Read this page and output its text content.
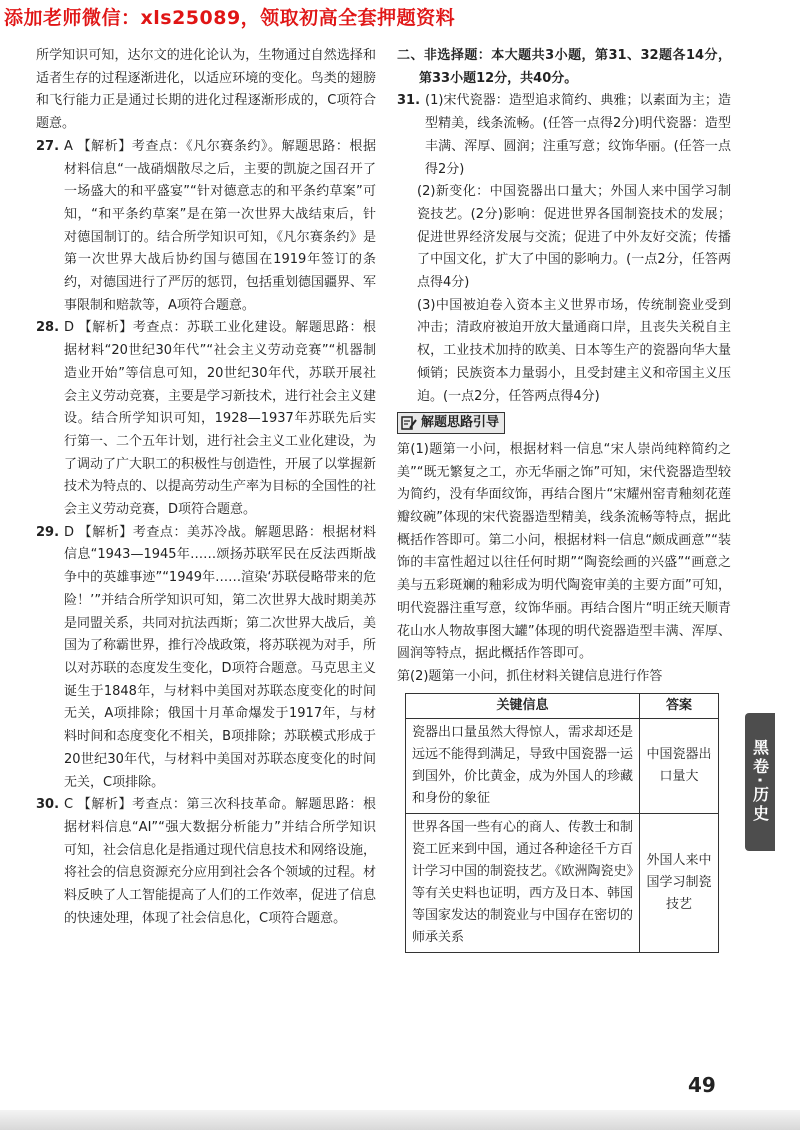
添加老师微信：xls25089，领取初高全套押题资料

所学知识可知，达尔文的进化论认为，生物通过自然选择和适者生存的过程逐渐进化，以适应环境的变化。鸟类的翅膀和飞行能力正是通过长期的进化过程逐渐形成的，C项符合题意。

27. A 【解析】考查点：《凡尔赛条约》。解题思路：根据材料信息“一战硝烟散尽之后，主要的凯旋之国召开了一场盛大的和平盛宴”“针对德意志的和平条约草案”可知，“和平条约草案”是在第一次世界大战结束后，针对德国制订的。结合所学知识可知，《凡尔赛条约》是第一次世界大战后协约国与德国在1919年签订的条约，对德国进行了严厉的惩罚，包括重划德国疆界、军事限制和赔款等，A项符合题意。

28. D 【解析】考查点：苏联工业化建设。解题思路：根据材料“20世纪30年代”“社会主义劳动竞赛”“机器制造业开始”等信息可知，20世纪30年代，苏联开展社会主义劳动竞赛，主要是学习新技术，进行社会主义建设。结合所学知识可知，1928—1937年苏联先后实行第一、二个五年计划，进行社会主义工业化建设，为了调动了广大职工的积极性与创造性，开展了以掌握新技术为特点的、以提高劳动生产率为目标的全国性的社会主义劳动竞赛，D项符合题意。

29. D 【解析】考查点：美苏冷战。解题思路：根据材料信息“1943—1945年……颂扬苏联军民在反法西斯战争中的英雄事迹”“1949年……渲染‘苏联侵略带来的危险！’”并结合所学知识可知，第二次世界大战时期美苏是同盟关系，共同对抗法西斯；第二次世界大战后，美国为了称霸世界，推行冷战政策，将苏联视为对手，所以对苏联的态度发生变化，D项符合题意。马克思主义诞生于1848年，与材料中美国对苏联态度变化的时间无关，A项排除；俄国十月革命爆发于1917年，与材料时间和态度变化不相关，B项排除；苏联模式形成于20世纪30年代，与材料中美国对苏联态度变化的时间无关，C项排除。

30. C 【解析】考查点：第三次科技革命。解题思路：根据材料信息“AI”“强大数据分析能力”并结合所学知识可知，社会信息化是指通过现代信息技术和网络设施，将社会的信息资源充分应用到社会各个领域的过程。材料反映了人工智能提高了人们的工作效率，促进了信息的快速处理，体现了社会信息化，C项符合题意。

二、非选择题：本大题共3小题，第31、32题各14分，第33小题12分，共40分。

31. (1)宋代瓷器：造型追求简约、典雅；以素面为主；造型精美，线条流畅。(任答一点得2分)明代瓷器：造型丰满、浑厚、圆润；注重写意；纹饰华丽。(任答一点得2分)

(2)新变化：中国瓷器出口量大；外国人来中国学习制瓷技艺。(2分)影响：促进世界各国制瓷技术的发展；促进世界经济发展与交流；促进了中外友好交流；传播了中国文化，扩大了中国的影响力。(一点2分，任答两点得4分)

(3)中国被迫卷入资本主义世界市场，传统制瓷业受到冲击；清政府被迫开放大量通商口岸，且丧失关税自主权，工业技术加持的欧美、日本等生产的瓷器向华大量倾销；民族资本力量弱小，且受封建主义和帝国主义压迫。(一点2分，任答两点得4分)

解题思路引导

第(1)题第一小问，根据材料一信息“宋人崇尚纯粹简约之美”“既无繁复之工，亦无华丽之饰”可知，宋代瓷器造型较为简约，没有华面纹饰，再结合图片“宋耀州窑青釉刻花莲瓣纹碗”体现的宋代瓷器造型精美，线条流畅等特点，据此概括作答即可。第二小问，根据材料一信息“颇成画意”“装饰的丰富性超过以往任何时期”“陶瓷绘画的兴盛”“画意之美与五彩斑斓的釉彩成为明代陶瓷审美的主要方面”可知，明代瓷器注重写意，纹饰华丽。再结合图片“明正统天顺青花山水人物故事图大罐”体现的明代瓷器造型丰满、浑厚、圆润等特点，据此概括作答即可。

第(2)题第一小问，抓住材料关键信息进行作答

关键信息	答案
瓷器出口量虽然大得惊人，需求却还是远远不能得到满足，导致中国瓷器一运到国外，价比黄金，成为外国人的珍藏和身份的象征	中国瓷器出口量大
世界各国一些有心的商人、传教士和制瓷工匠来到中国，通过各种途径千方百计学习中国的制瓷技艺。《欧洲陶瓷史》等有关史料也证明，西方及日本、韩国等国家发达的制瓷业与中国存在密切的师承关系	外国人来中国学习制瓷技艺
黑卷·历史
49
